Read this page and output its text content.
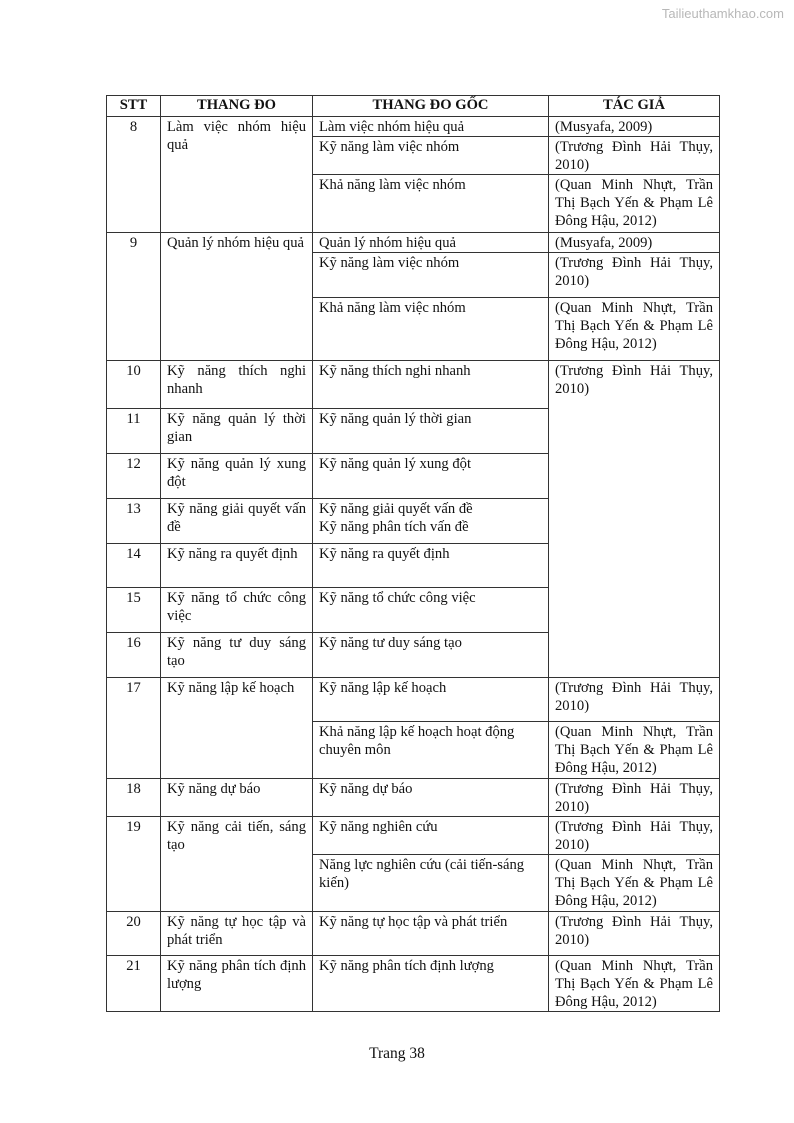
Tailieuthamkhao.com
STT	THANG ĐO	THANG ĐO GỐC	TÁC GIẢ
8	Làm việc nhóm hiệu quả	Làm việc nhóm hiệu quả	(Musyafa, 2009)
		Kỹ năng làm việc nhóm	(Trương Đình Hải Thụy, 2010)
		Khả năng làm việc nhóm	(Quan Minh Nhựt, Trần Thị Bạch Yến & Phạm Lê Đông Hậu, 2012)
9	Quản lý nhóm hiệu quả	Quản lý nhóm hiệu quả	(Musyafa, 2009)
		Kỹ năng làm việc nhóm	(Trương Đình Hải Thụy, 2010)
		Khả năng làm việc nhóm	(Quan Minh Nhựt, Trần Thị Bạch Yến & Phạm Lê Đông Hậu, 2012)
10	Kỹ năng thích nghi nhanh	Kỹ năng thích nghi nhanh	(Trương Đình Hải Thụy, 2010)
11	Kỹ năng quản lý thời gian	Kỹ năng quản lý thời gian	
12	Kỹ năng quản lý xung đột	Kỹ năng quản lý xung đột	
13	Kỹ năng giải quyết vấn đề	Kỹ năng giải quyết vấn đề
Kỹ năng phân tích vấn đề	
14	Kỹ năng ra quyết định	Kỹ năng ra quyết định	
15	Kỹ năng tổ chức công việc	Kỹ năng tổ chức công việc	
16	Kỹ năng tư duy sáng tạo	Kỹ năng tư duy sáng tạo	
17	Kỹ năng lập kế hoạch	Kỹ năng lập kế hoạch	(Trương Đình Hải Thụy, 2010)
		Khả năng lập kế hoạch hoạt động chuyên môn	(Quan Minh Nhựt, Trần Thị Bạch Yến & Phạm Lê Đông Hậu, 2012)
18	Kỹ năng dự báo	Kỹ năng dự báo	(Trương Đình Hải Thụy, 2010)
19	Kỹ năng cải tiến, sáng tạo	Kỹ năng nghiên cứu	(Trương Đình Hải Thụy, 2010)
		Năng lực nghiên cứu (cải tiến-sáng kiến)	(Quan Minh Nhựt, Trần Thị Bạch Yến & Phạm Lê Đông Hậu, 2012)
20	Kỹ năng tự học tập và phát triển	Kỹ năng tự học tập và phát triển	(Trương Đình Hải Thụy, 2010)
21	Kỹ năng phân tích định lượng	Kỹ năng phân tích định lượng	(Quan Minh Nhựt, Trần Thị Bạch Yến & Phạm Lê Đông Hậu, 2012)
Trang 38
